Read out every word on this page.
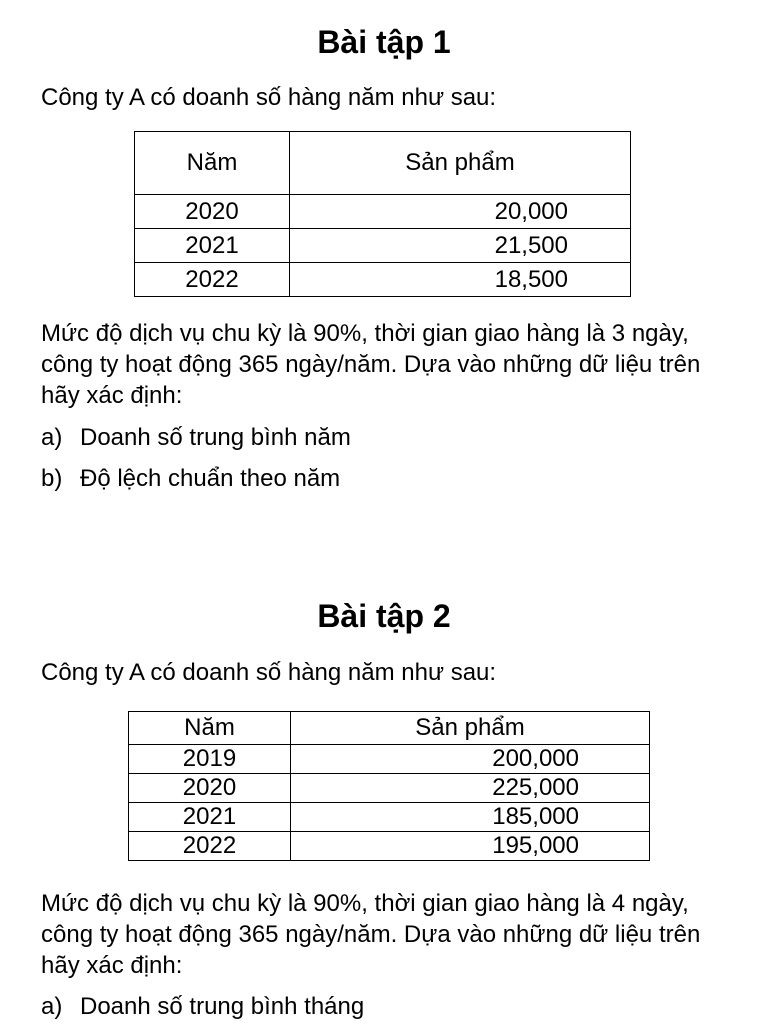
Bài tập 1
Công ty A có doanh số hàng năm như sau:
Năm	Sản phẩm
2020	20,000
2021	21,500
2022	18,500
Mức độ dịch vụ chu kỳ là 90%, thời gian giao hàng là 3 ngày, công ty hoạt động 365 ngày/năm. Dựa vào những dữ liệu trên hãy xác định:
a) Doanh số trung bình năm
b) Độ lệch chuẩn theo năm
Bài tập 2
Công ty A có doanh số hàng năm như sau:
Năm	Sản phẩm
2019	200,000
2020	225,000
2021	185,000
2022	195,000
Mức độ dịch vụ chu kỳ là 90%, thời gian giao hàng là 4 ngày, công ty hoạt động 365 ngày/năm. Dựa vào những dữ liệu trên hãy xác định:
a) Doanh số trung bình tháng
